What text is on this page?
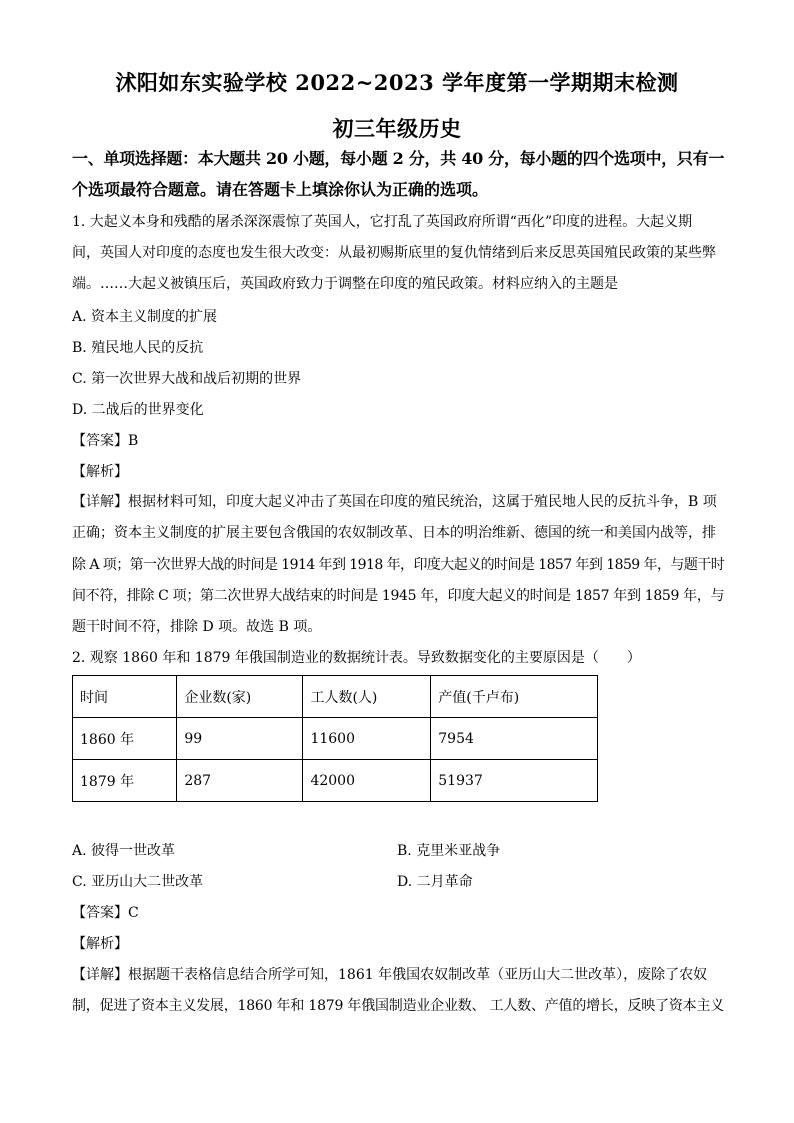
沭阳如东实验学校 2022~2023 学年度第一学期期末检测
初三年级历史
一、单项选择题：本大题共 20 小题，每小题 2 分，共 40 分，每小题的四个选项中，只有一
个选项最符合题意。请在答题卡上填涂你认为正确的选项。
1. 大起义本身和残酷的屠杀深深震惊了英国人，它打乱了英国政府所谓“西化”印度的进程。大起义期
间，英国人对印度的态度也发生很大改变：从最初赐斯底里的复仇情绪到后来反思英国殖民政策的某些弊
端。……大起义被镇压后，英国政府致力于调整在印度的殖民政策。材料应纳入的主题是
A. 资本主义制度的扩展
B. 殖民地人民的反抗
C. 第一次世界大战和战后初期的世界
D. 二战后的世界变化
【答案】B
【解析】
【详解】根据材料可知，印度大起义冲击了英国在印度的殖民统治，这属于殖民地人民的反抗斗争，B 项
正确；资本主义制度的扩展主要包含俄国的农奴制改革、日本的明治维新、德国的统一和美国内战等，排
除 A 项；第一次世界大战的时间是 1914 年到 1918 年，印度大起义的时间是 1857 年到 1859 年，与题干时
间不符，排除 C 项；第二次世界大战结束的时间是 1945 年，印度大起义的时间是 1857 年到 1859 年，与
题干时间不符，排除 D 项。故选 B 项。
2. 观察 1860 年和 1879 年俄国制造业的数据统计表。导致数据变化的主要原因是（　　）
时间	企业数(家)	工人数(人)	产值(千卢布)
1860 年	99	11600	7954
1879 年	287	42000	51937
A. 彼得一世改革	B. 克里米亚战争
C. 亚历山大二世改革	D. 二月革命
【答案】C
【解析】
【详解】根据题干表格信息结合所学可知，1861 年俄国农奴制改革（亚历山大二世改革），废除了农奴
制，促进了资本主义发展，1860 年和 1879 年俄国制造业企业数、 工人数、产值的增长，反映了资本主义
